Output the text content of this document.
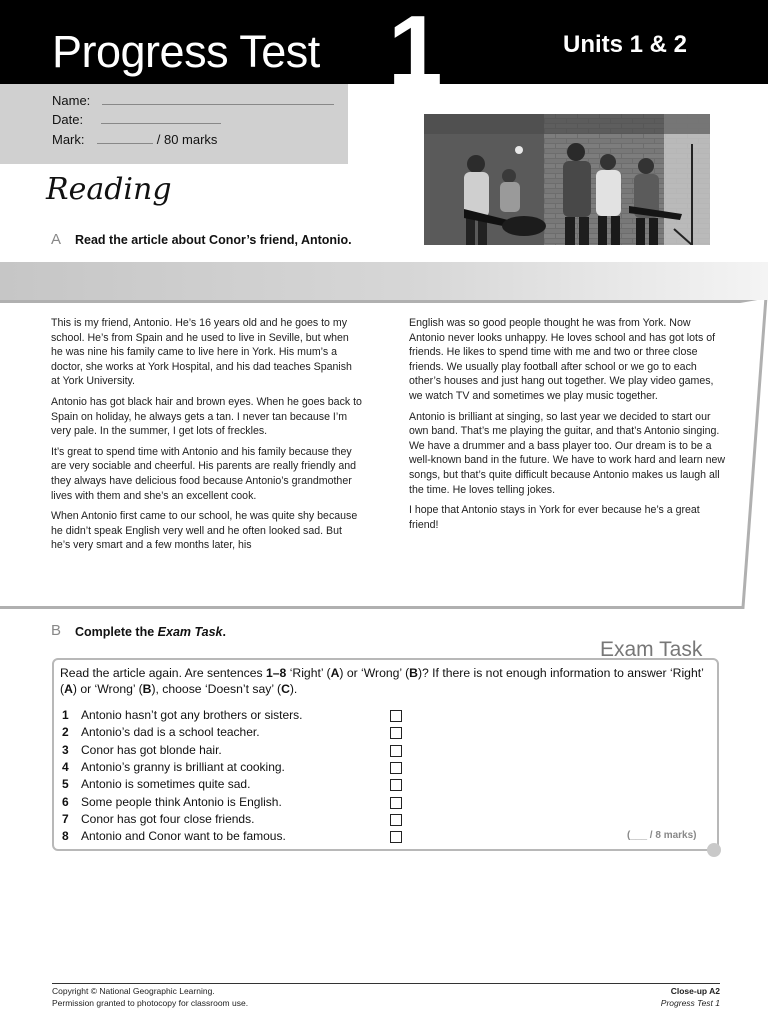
Progress Test 1	Units 1 & 2
Name:
Date:
Mark:	/ 80 marks
Reading
A Read the article about Conor’s friend, Antonio.

This is my friend, Antonio. He’s 16 years old and he goes to my school. He’s from Spain and he used to live in Seville, but when he was nine his family came to live here in York. His mum’s a doctor, she works at York Hospital, and his dad teaches Spanish at York University.

Antonio has got black hair and brown eyes. When he goes back to Spain on holiday, he always gets a tan. I never tan because I’m very pale. In the summer, I get lots of freckles.

It’s great to spend time with Antonio and his family because they are very sociable and cheerful. His parents are really friendly and they always have delicious food because Antonio’s grandmother lives with them and she’s an excellent cook.

When Antonio first came to our school, he was quite shy because he didn’t speak English very well and he often looked sad. But he’s very smart and a few months later, his

English was so good people thought he was from York. Now Antonio never looks unhappy. He loves school and has got lots of friends. He likes to spend time with me and two or three close friends. We usually play football after school or we go to each other’s houses and just hang out together. We play video games, we watch TV and sometimes we play music together.

Antonio is brilliant at singing, so last year we decided to start our own band. That’s me playing the guitar, and that’s Antonio singing. We have a drummer and a bass player too. Our dream is to be a well-known band in the future. We have to work hard and learn new songs, but that’s quite difficult because Antonio makes us laugh all the time. He loves telling jokes.

I hope that Antonio stays in York for ever because he’s a great friend!

B Complete the Exam Task.
Exam Task
Read the article again. Are sentences 1–8 ‘Right’ (A) or ‘Wrong’ (B)? If there is not enough information to answer ‘Right’ (A) or ‘Wrong’ (B), choose ‘Doesn’t say’ (C).
1 Antonio hasn’t got any brothers or sisters.
2 Antonio’s dad is a school teacher.
3 Conor has got blonde hair.
4 Antonio’s granny is brilliant at cooking.
5 Antonio is sometimes quite sad.
6 Some people think Antonio is English.
7 Conor has got four close friends.
8 Antonio and Conor want to be famous.	(___ / 8 marks)
Copyright © National Geographic Learning.
Permission granted to photocopy for classroom use.
Close-up A2
Progress Test 1
